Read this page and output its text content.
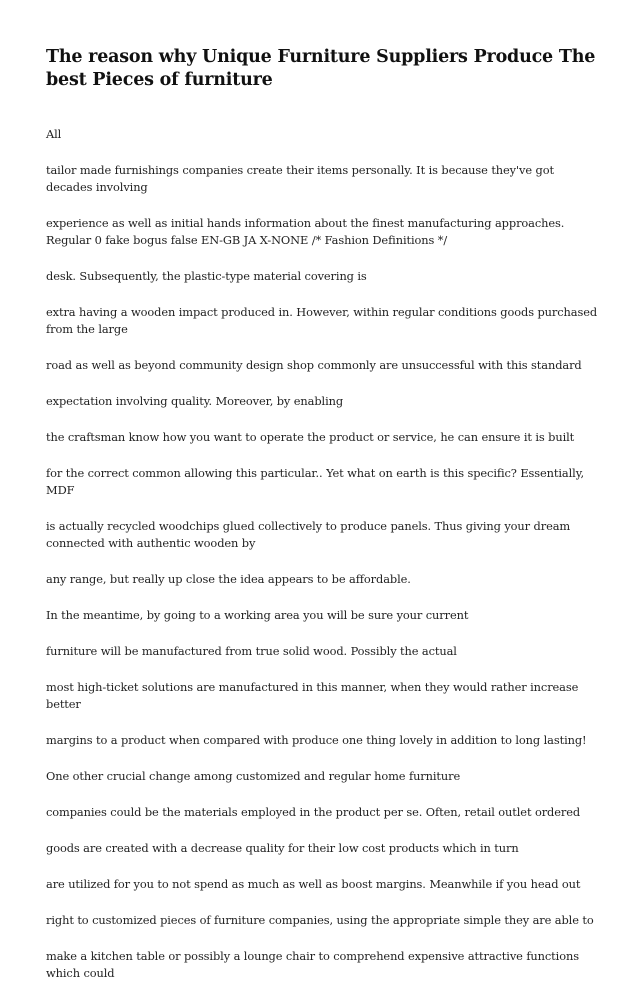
The reason why Unique Furniture Suppliers Produce The best Pieces of furniture

All

tailor made furnishings companies create their items personally. It is because they've got decades involving

experience as well as initial hands information about the finest manufacturing approaches. Regular 0 fake bogus false EN-GB JA X-NONE /* Fashion Definitions */

desk. Subsequently, the plastic-type material covering is

extra having a wooden impact produced in. However, within regular conditions goods purchased from the large

road as well as beyond community design shop commonly are unsuccessful with this standard

expectation involving quality. Moreover, by enabling

the craftsman know how you want to operate the product or service, he can ensure it is built

for the correct common allowing this particular.. Yet what on earth is this specific? Essentially, MDF

is actually recycled woodchips glued collectively to produce panels. Thus giving your dream connected with authentic wooden by

any range, but really up close the idea appears to be affordable.

In the meantime, by going to a working area you will be sure your current

furniture will be manufactured from true solid wood. Possibly the actual

most high-ticket solutions are manufactured in this manner, when they would rather increase better

margins to a product when compared with produce one thing lovely in addition to long lasting!

One other crucial change among customized and regular home furniture

companies could be the materials employed in the product per se. Often, retail outlet ordered

goods are created with a decrease quality for their low cost products which in turn

are utilized for you to not spend as much as well as boost margins. Meanwhile if you head out

right to customized pieces of furniture companies, using the appropriate simple they are able to

make a kitchen table or possibly a lounge chair to comprehend expensive attractive functions which could
